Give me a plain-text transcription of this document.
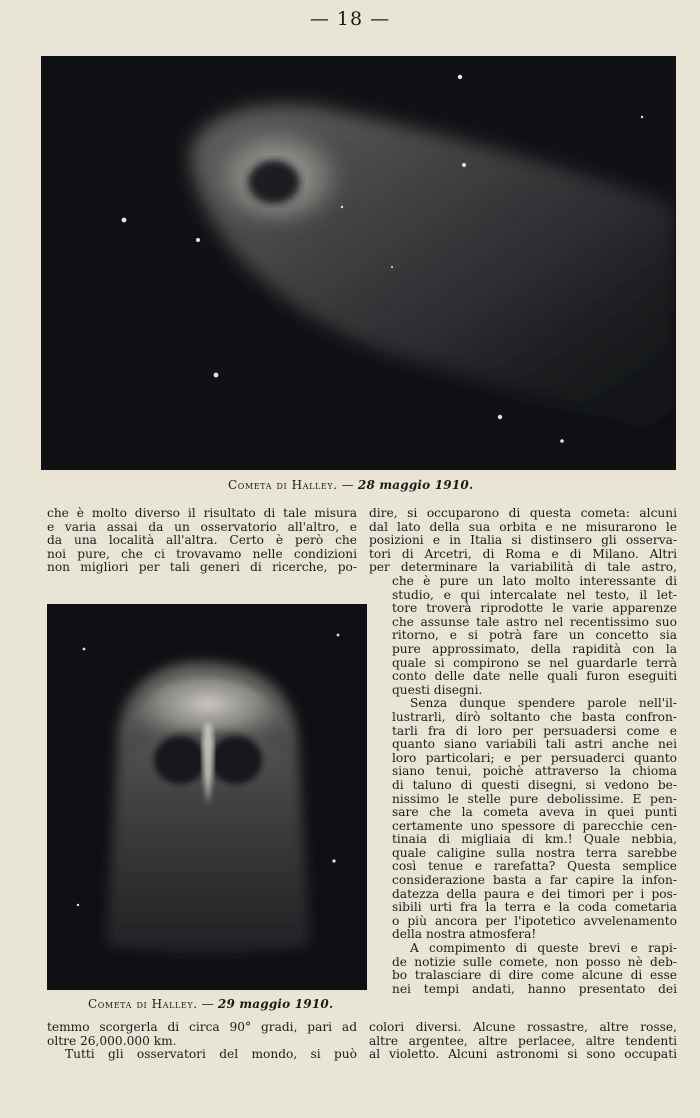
— 18 —
Cometa di Halley. — 28 maggio 1910.
che è molto diverso il risultato di tale misura
e varia assai da un osservatorio all'altro, e
da una località all'altra. Certo è però che
noi pure, che ci trovavamo nelle condizioni
non migliori per tali generi di ricerche, po-
dire, si occuparono di questa cometa: alcuni
dal lato della sua orbita e ne misurarono le
posizioni e in Italia si distinsero gli osserva-
tori di Arcetri, di Roma e di Milano. Altri
per determinare la variabilità di tale astro,
Cometa di Halley. — 29 maggio 1910.
che è pure un lato molto interessante di
studio, e qui intercalate nel testo, il let-
tore troverà riprodotte le varie apparenze
che assunse tale astro nel recentissimo suo
ritorno, e si potrà fare un concetto sia
pure approssimato, della rapidità con la
quale si compirono se nel guardarle terrà
conto delle date nelle quali furon eseguiti
questi disegni.
Senza dunque spendere parole nell'il-
lustrarli, dirò soltanto che basta confron-
tarli fra di loro per persuadersi come e
quanto siano variabili tali astri anche nei
loro particolari; e per persuaderci quanto
siano tenui, poichè attraverso la chioma
di taluno di questi disegni, si vedono be-
nissimo le stelle pure debolissime. E pen-
sare che la cometa aveva in quei punti
certamente uno spessore di parecchie cen-
tinaia di migliaia di km.! Quale nebbia,
quale caligine sulla nostra terra sarebbe
così tenue e rarefatta? Questa semplice
considerazione basta a far capire la infon-
datezza della paura e dei timori per i pos-
sibili urti fra la terra e la coda cometaria
o più ancora per l'ipotetico avvelenamento
della nostra atmosfera!
A compimento di queste brevi e rapi-
de notizie sulle comete, non posso nè deb-
bo tralasciare di dire come alcune di esse
nei tempi andati, hanno presentato dei
temmo scorgerla di circa 90° gradi, pari ad
oltre 26,000.000 km.
Tutti gli osservatori del mondo, si può
colori diversi. Alcune rossastre, altre rosse,
altre argentee, altre perlacee, altre tendenti
al violetto. Alcuni astronomi si sono occupati
